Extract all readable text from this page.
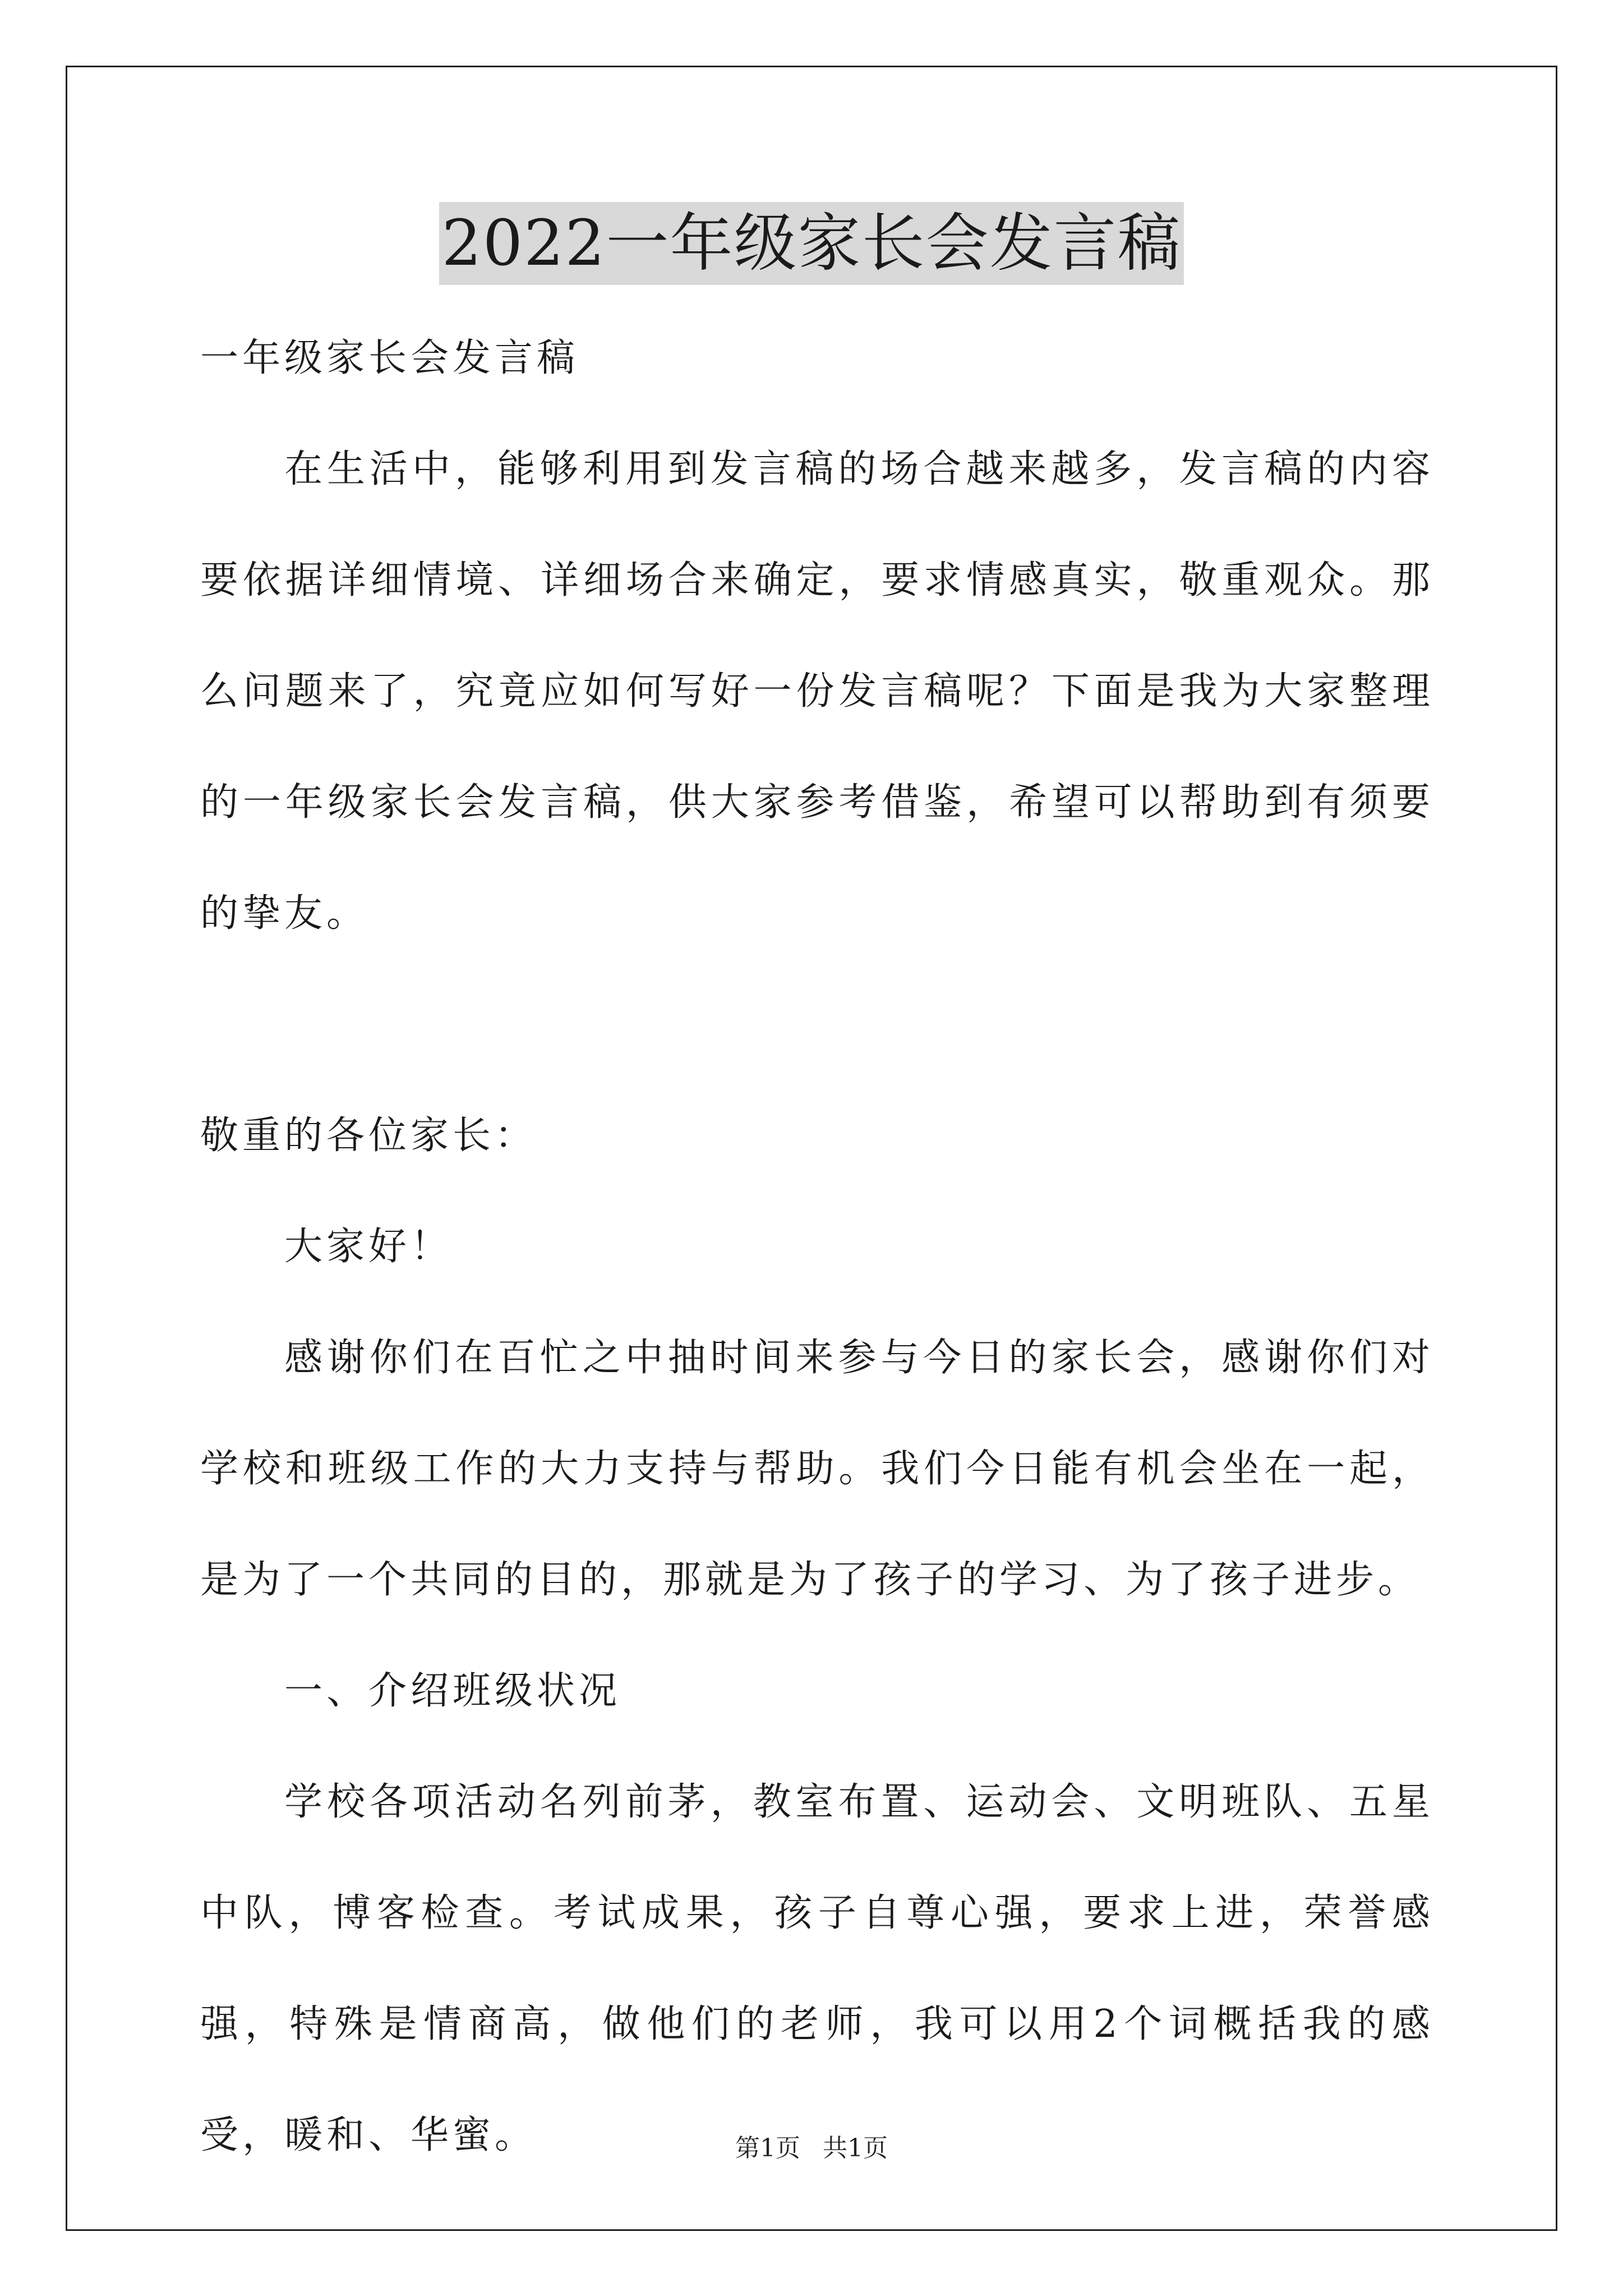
2022一年级家长会发言稿

一年级家长会发言稿

在生活中，能够利用到发言稿的场合越来越多，发言稿的内容要依据详细情境、详细场合来确定，要求情感真实，敬重观众。那么问题来了，究竟应如何写好一份发言稿呢？下面是我为大家整理的一年级家长会发言稿，供大家参考借鉴，希望可以帮助到有须要的挚友。

敬重的各位家长：

大家好！

感谢你们在百忙之中抽时间来参与今日的家长会，感谢你们对学校和班级工作的大力支持与帮助。我们今日能有机会坐在一起，是为了一个共同的目的，那就是为了孩子的学习、为了孩子进步。

一、介绍班级状况

学校各项活动名列前茅，教室布置、运动会、文明班队、五星中队，博客检查。考试成果，孩子自尊心强，要求上进，荣誉感强，特殊是情商高，做他们的老师，我可以用2个词概括我的感受，暖和、华蜜。	第1页 共1页
